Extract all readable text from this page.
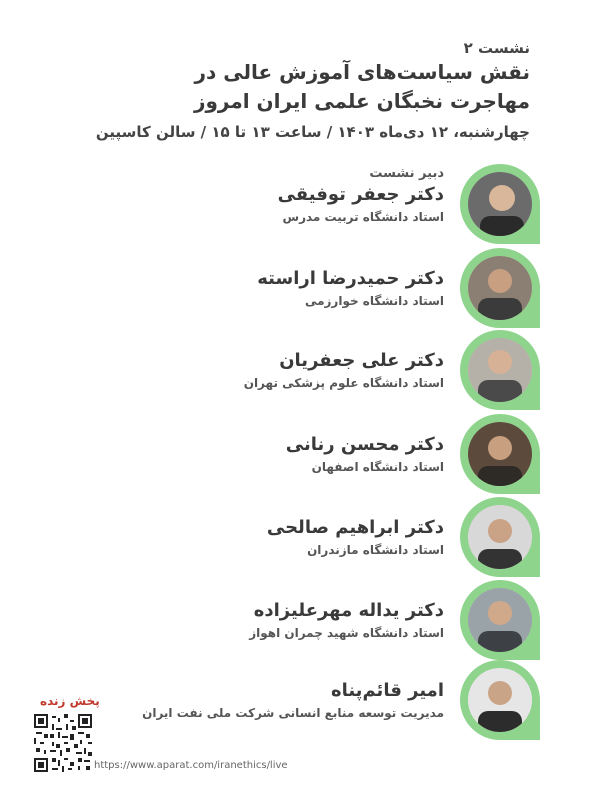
نشست ۲
نقش سیاست‌های آموزش عالی در
مهاجرت نخبگان علمی ایران امروز
چهارشنبه، ۱۲ دی‌ماه ۱۴۰۳ / ساعت ۱۳ تا ۱۵ / سالن کاسپین
دبیر نشست
دکتر جعفر توفیقی
استاد دانشگاه تربیت مدرس
دکتر حمیدرضا اراسته
استاد دانشگاه خوارزمی
دکتر علی جعفریان
استاد دانشگاه علوم پزشکی تهران
دکتر محسن رنانی
استاد دانشگاه اصفهان
دکتر ابراهیم صالحی
استاد دانشگاه مازندران
دکتر یداله مهرعلیزاده
استاد دانشگاه شهید چمران اهواز
امیر قائم‌پناه
مدیریت توسعه منابع انسانی شرکت ملی نفت ایران
پخش زنده
https://www.aparat.com/iranethics/live
